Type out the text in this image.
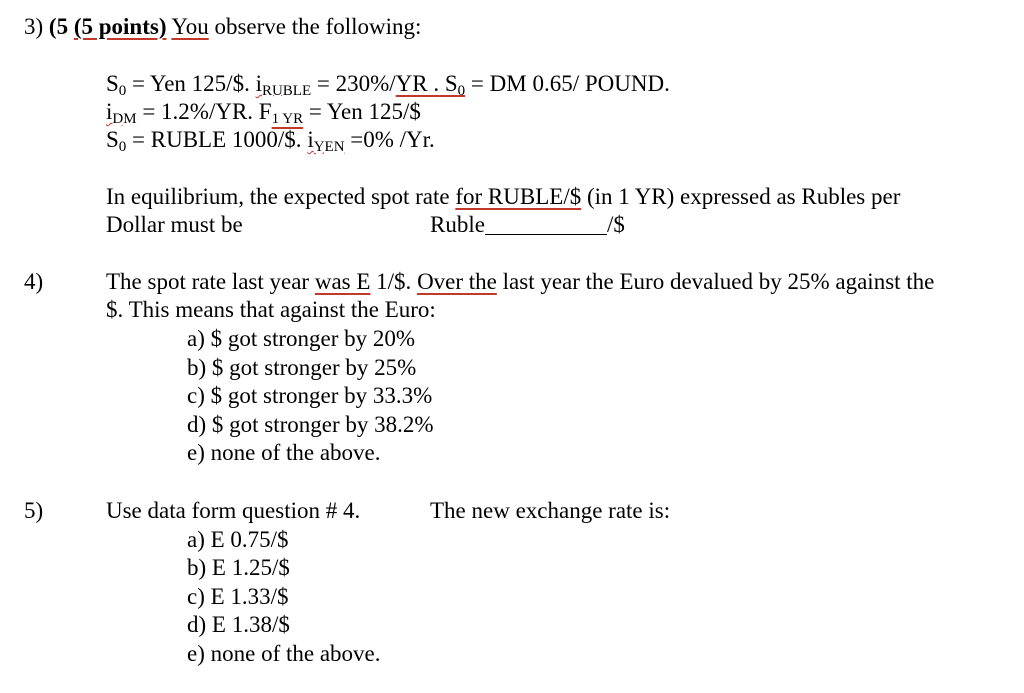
3) (5 (5 points) You observe the following:
$S_0$ = Yen 125/$. $i_{RUBLE} = 230\%/YR$ . $S_0$ = DM 0.65/ POUND.
$i_{DM} = 1.2\%/YR$. $F_{1 YR}$ = Yen 125/$
$S_0$ = RUBLE 1000/$. $i_{YEN} =0\%$ /Yr.
In equilibrium, the expected spot rate for RUBLE/$ (in 1 YR) expressed as Rubles per
Dollar must be	Ruble	/$
4)	The spot rate last year was E 1/$. Over the last year the Euro devalued by 25% against the
$. This means that against the Euro:
a) $ got stronger by 20%
b) $ got stronger by 25%
c) $ got stronger by 33.3%
d) $ got stronger by 38.2%
e) none of the above.
5)	Use data form question # 4.	The new exchange rate is:
a) E 0.75/$
b) E 1.25/$
c) E 1.33/$
d) E 1.38/$
e) none of the above.
